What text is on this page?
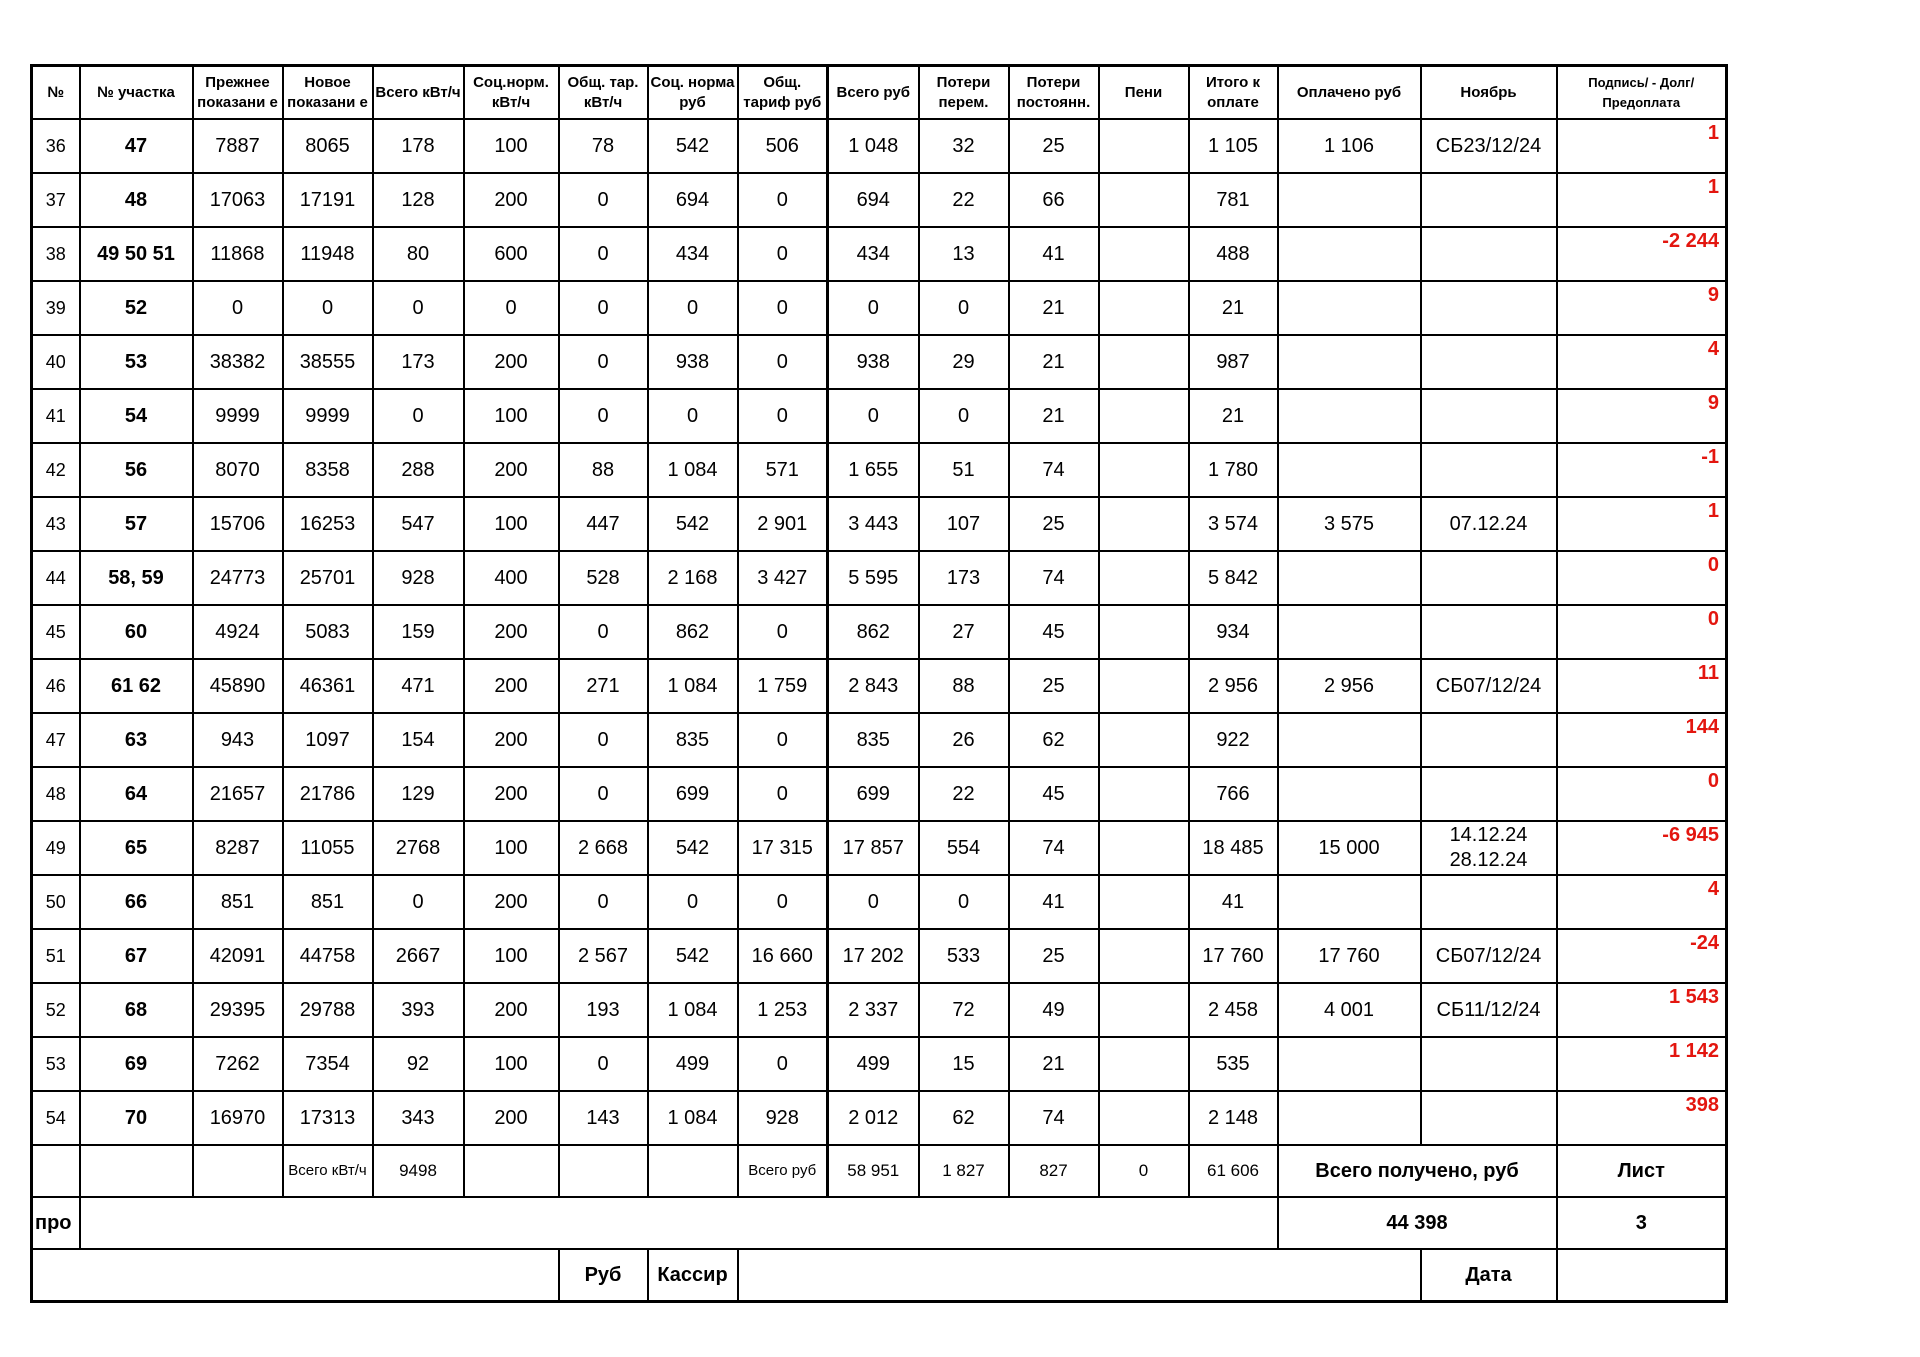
№	№ участка	Прежнее показани е	Новое показани е	Всего кВт/ч	Соц.норм. кВт/ч	Общ. тар. кВт/ч	Соц. норма руб	Общ. тариф руб	Всего руб	Потери перем.	Потери постоянн.	Пени	Итого к оплате	Оплачено руб	Ноябрь	Подпись/ - Долг/Предоплата
36	47	7887	8065	178	100	78	542	506	1 048	32	25		1 105	1 106	СБ23/12/24	1
37	48	17063	17191	128	200	0	694	0	694	22	66		781			1
38	49 50 51	11868	11948	80	600	0	434	0	434	13	41		488			-2 244
39	52	0	0	0	0	0	0	0	0	0	21		21			9
40	53	38382	38555	173	200	0	938	0	938	29	21		987			4
41	54	9999	9999	0	100	0	0	0	0	0	21		21			9
42	56	8070	8358	288	200	88	1 084	571	1 655	51	74		1 780			-1
43	57	15706	16253	547	100	447	542	2 901	3 443	107	25		3 574	3 575	07.12.24	1
44	58, 59	24773	25701	928	400	528	2 168	3 427	5 595	173	74		5 842			0
45	60	4924	5083	159	200	0	862	0	862	27	45		934			0
46	61 62	45890	46361	471	200	271	1 084	1 759	2 843	88	25		2 956	2 956	СБ07/12/24	11
47	63	943	1097	154	200	0	835	0	835	26	62		922			144
48	64	21657	21786	129	200	0	699	0	699	22	45		766			0
49	65	8287	11055	2768	100	2 668	542	17 315	17 857	554	74		18 485	15 000	14.12.24
28.12.24	-6 945
50	66	851	851	0	200	0	0	0	0	0	41		41			4
51	67	42091	44758	2667	100	2 567	542	16 660	17 202	533	25		17 760	17 760	СБ07/12/24	-24
52	68	29395	29788	393	200	193	1 084	1 253	2 337	72	49		2 458	4 001	СБ11/12/24	1 543
53	69	7262	7354	92	100	0	499	0	499	15	21		535			1 142
54	70	16970	17313	343	200	143	1 084	928	2 012	62	74		2 148			398
			Всего кВт/ч	9498				Всего руб	58 951	1 827	827	0	61 606	Всего получено, руб		Лист
про														44 398		3
						Руб	Кассир								Дата	
